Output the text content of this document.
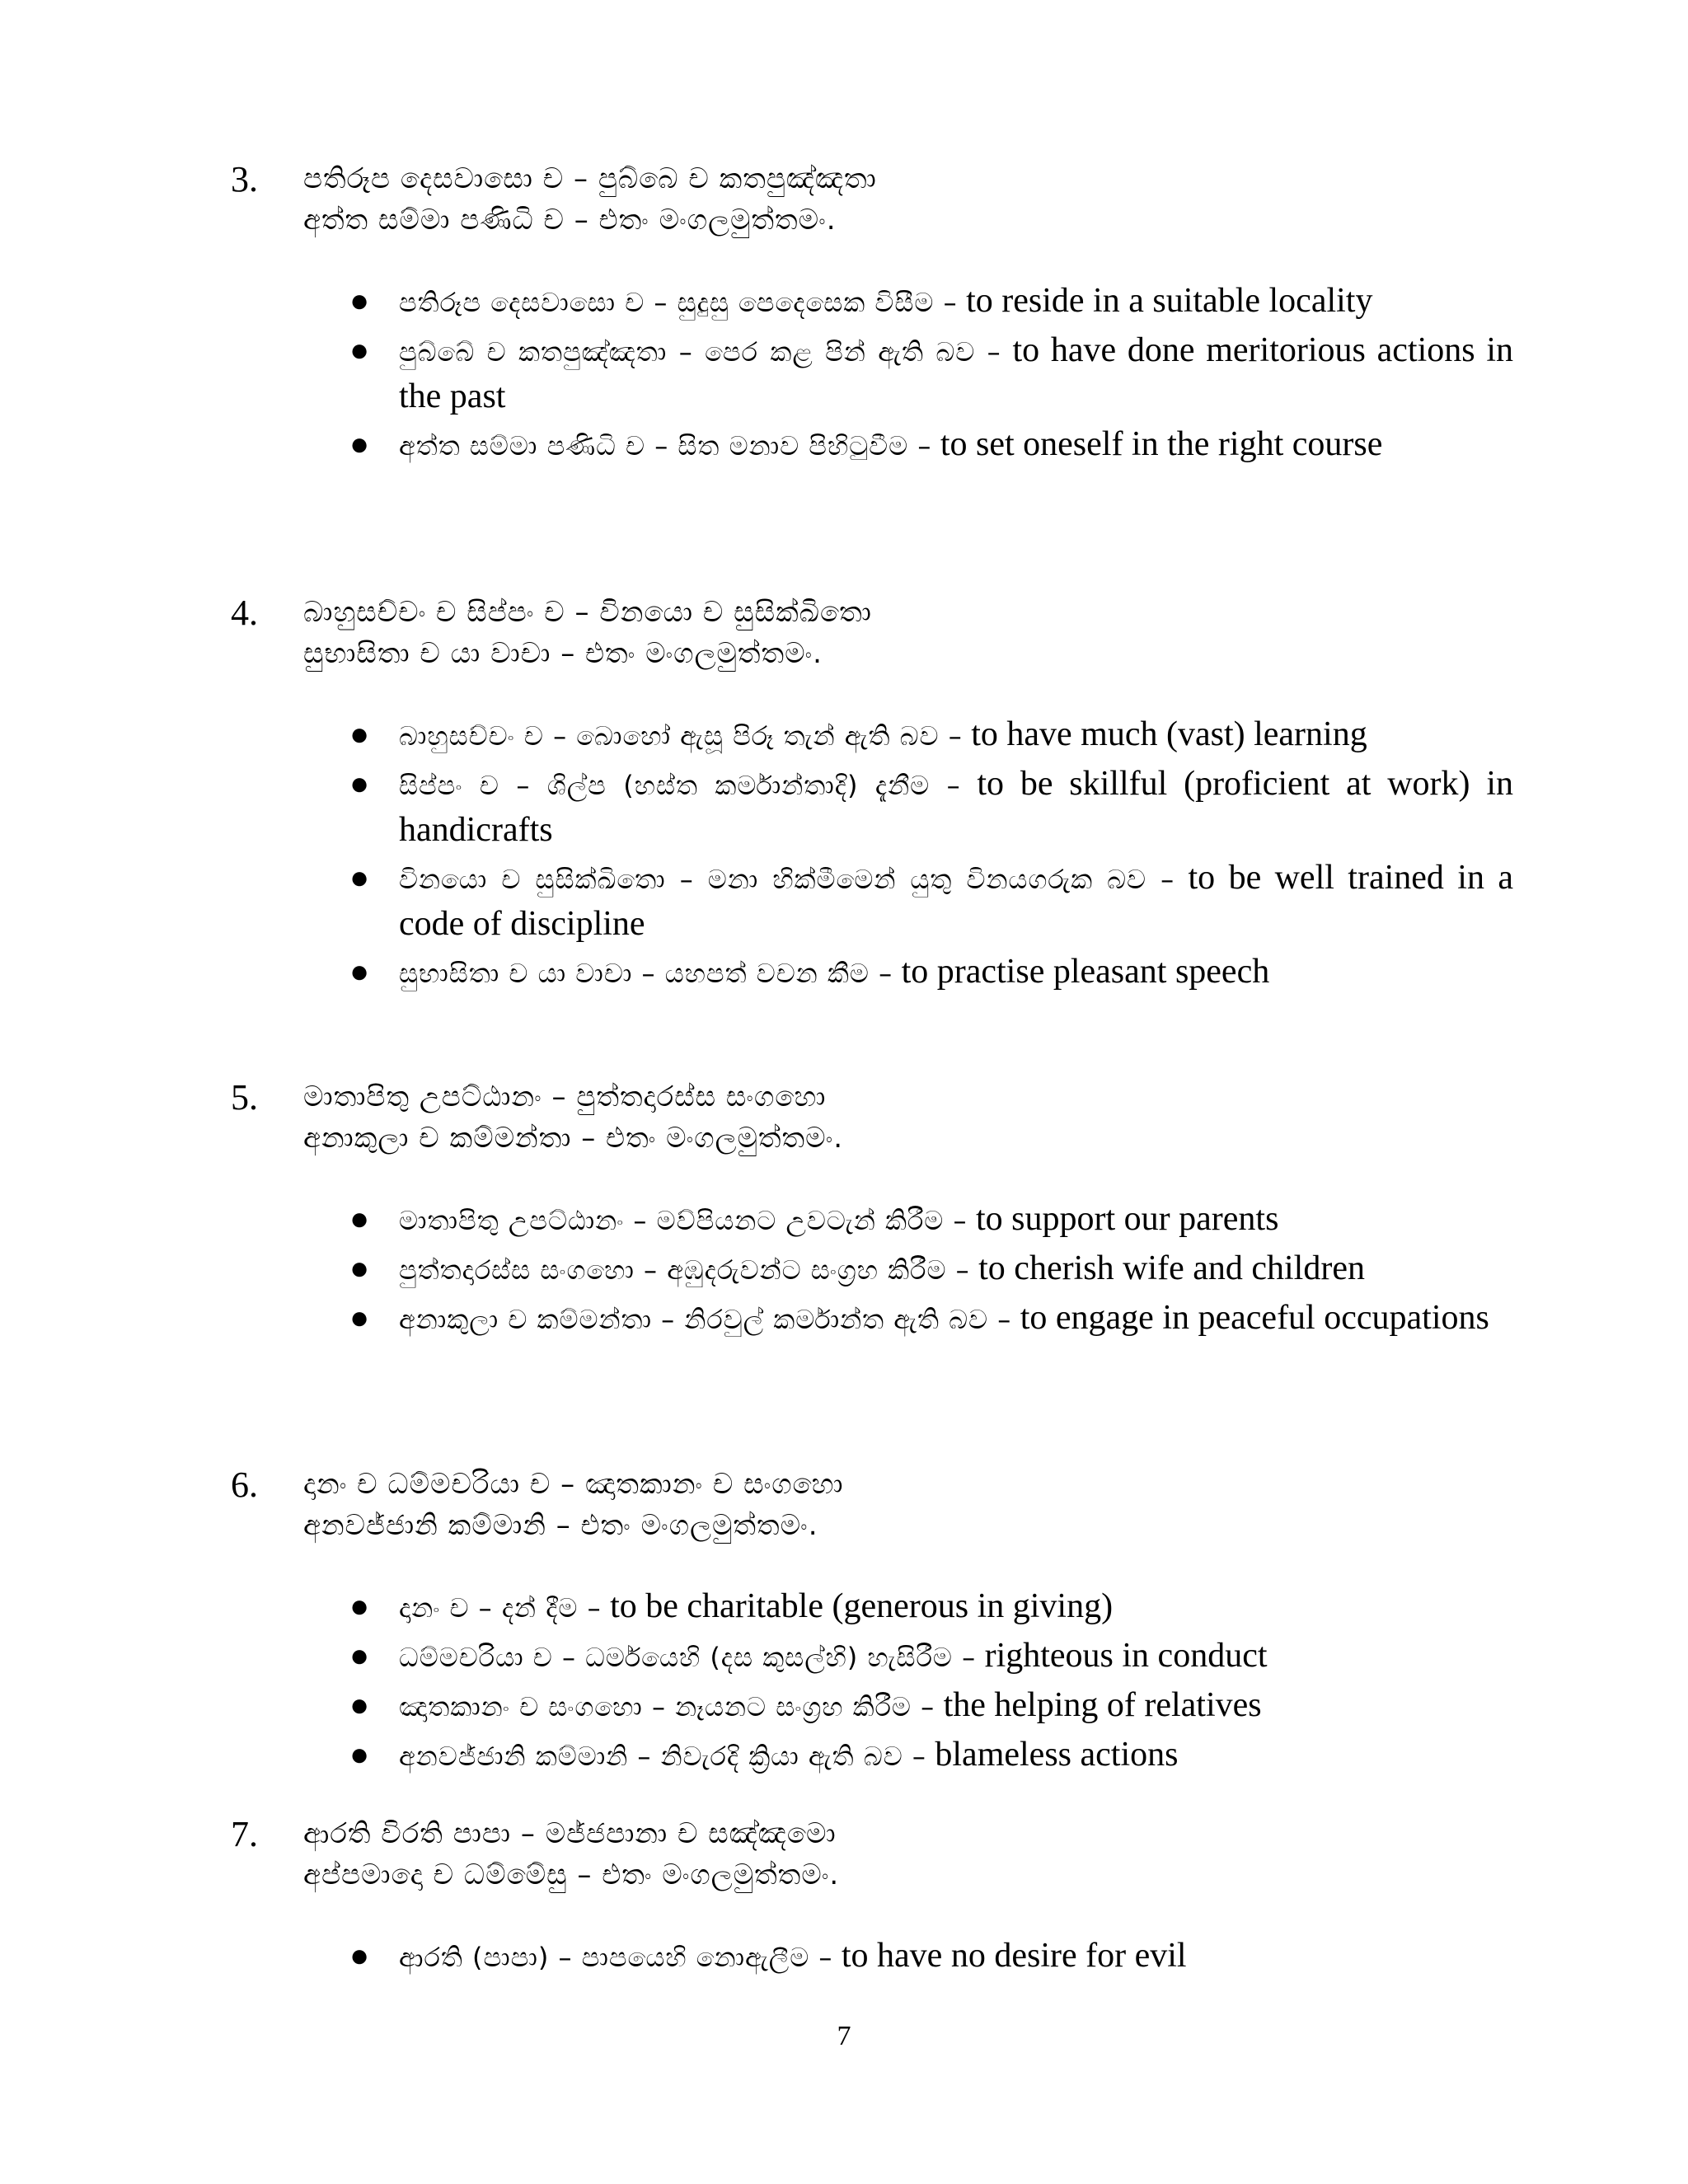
3. පතිරූප දෙසවාසො ච – පුබ්බෙ ච කතපුඤ්ඤතා
අත්ත සම්මා පණිධි ච – එතං මංගලමුත්තමං.
● පතිරූප දෙසවාසො ච – සුදුසු පෙදෙසෙක විසීම – to reside in a suitable locality
● පුබ්බේ ච කතපුඤ්ඤතා – පෙර කළ පින් ඇති බව – to have done meritorious actions in the past
● අත්ත සම්මා පණිධි ච – සිත මනාව පිහිටුවීම – to set oneself in the right course
4. බාහුසච්චං ච සිප්පං ච – විනයො ච සුසික්ඛිතො
සුභාසිතා ච යා වාචා – එතං මංගලමුත්තමං.
● බාහුසච්චං ච – බොහෝ ඇසූ පිරූ තැන් ඇති බව – to have much (vast) learning
● සිප්පං ච – ශිල්ප (හස්ත කර්මාන්තාදි) දැනීම – to be skillful (proficient at work) in handicrafts
● විනයො ච සුසික්ඛිතො – මනා හික්මීමෙන් යුතු විනයගරුක බව – to be well trained in a code of discipline
● සුභාසිතා ච යා වාචා – යහපත් වචන කීම – to practise pleasant speech
5. මාතාපිතු උපට්ඨානං – පුත්තදාරස්ස සංගහො
අනාකුලා ච කම්මන්තා – එතං මංගලමුත්තමං.
● මාතාපිතු උපට්ඨානං – මව්පියනට උවටැන් කිරීම – to support our parents
● පුත්තදාරස්ස සංගහො – අඹුදරුවන්ට සංග්‍රහ කිරීම – to cherish wife and children
● අනාකුලා ච කම්මන්තා – නිරවුල් කර්මාන්ත ඇති බව – to engage in peaceful occupations
6. දානං ච ධම්මචරියා ච – ඤාතකානං ච සංගහො
අනවජ්ජානි කම්මානි – එතං මංගලමුත්තමං.
● දානං ච – දන් දීම – to be charitable (generous in giving)
● ධම්මචරියා ච – ධර්මයෙහි (දස කුසල්හි) හැසිරීම – righteous in conduct
● ඤාතකානං ච සංගහො – නෑයනට සංග්‍රහ කිරීම – the helping of relatives
● අනවජ්ජානි කම්මානි – නිවැරදි ක්‍රියා ඇති බව – blameless actions
7. ආරති විරති පාපා – මජ්ජපානා ච සඤ්ඤමො
අප්පමාදො ච ධම්මේසු – එතං මංගලමුත්තමං.
● ආරති (පාපා) – පාපයෙහි නොඇලීම – to have no desire for evil
7
